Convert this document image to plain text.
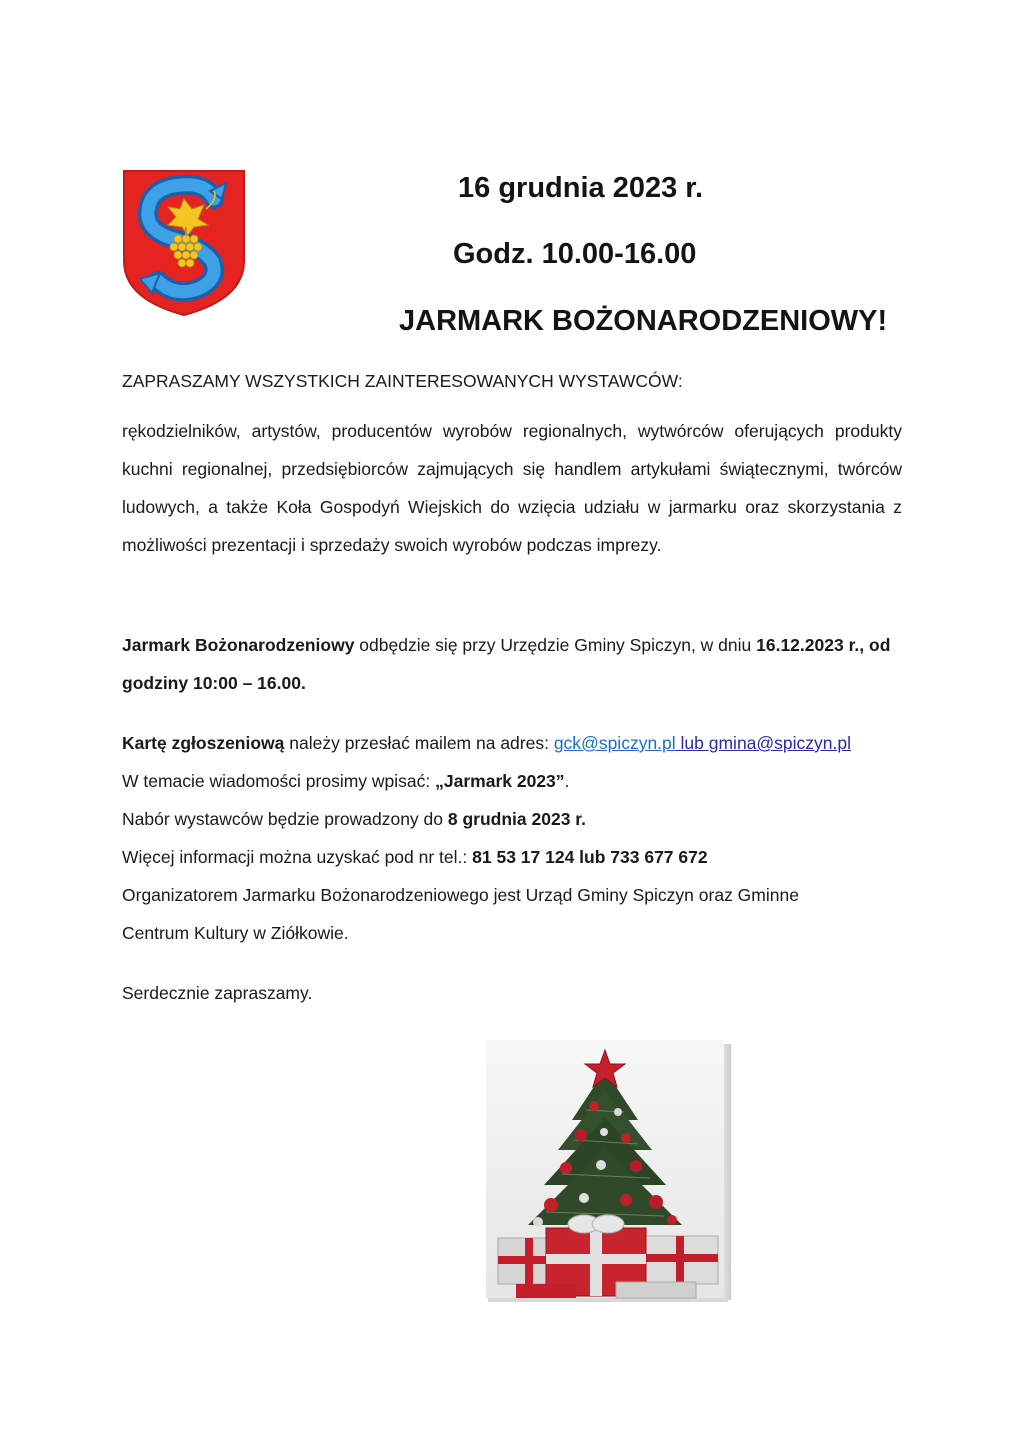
16 grudnia 2023 r.
Godz. 10.00-16.00
JARMARK BOŻONARODZENIOWY!
ZAPRASZAMY WSZYSTKICH ZAINTERESOWANYCH WYSTAWCÓW:
rękodzielników, artystów, producentów wyrobów regionalnych, wytwórców oferujących produkty kuchni regionalnej, przedsiębiorców zajmujących się handlem artykułami świątecznymi, twórców ludowych, a także Koła Gospodyń Wiejskich do wzięcia udziału w jarmarku oraz skorzystania z możliwości prezentacji i sprzedaży swoich wyrobów podczas imprezy.
Jarmark Bożonarodzeniowy odbędzie się przy Urzędzie Gminy Spiczyn, w dniu 16.12.2023 r., od godziny 10:00 – 16.00.
Kartę zgłoszeniową należy przesłać mailem na adres: gck@spiczyn.pl lub gmina@spiczyn.pl
W temacie wiadomości prosimy wpisać: „Jarmark 2023”.
Nabór wystawców będzie prowadzony do 8 grudnia 2023 r.
Więcej informacji można uzyskać pod nr tel.: 81 53 17 124 lub 733 677 672
Organizatorem Jarmarku Bożonarodzeniowego jest Urząd Gminy Spiczyn oraz Gminne
Centrum Kultury w Ziółkowie.
Serdecznie zapraszamy.
